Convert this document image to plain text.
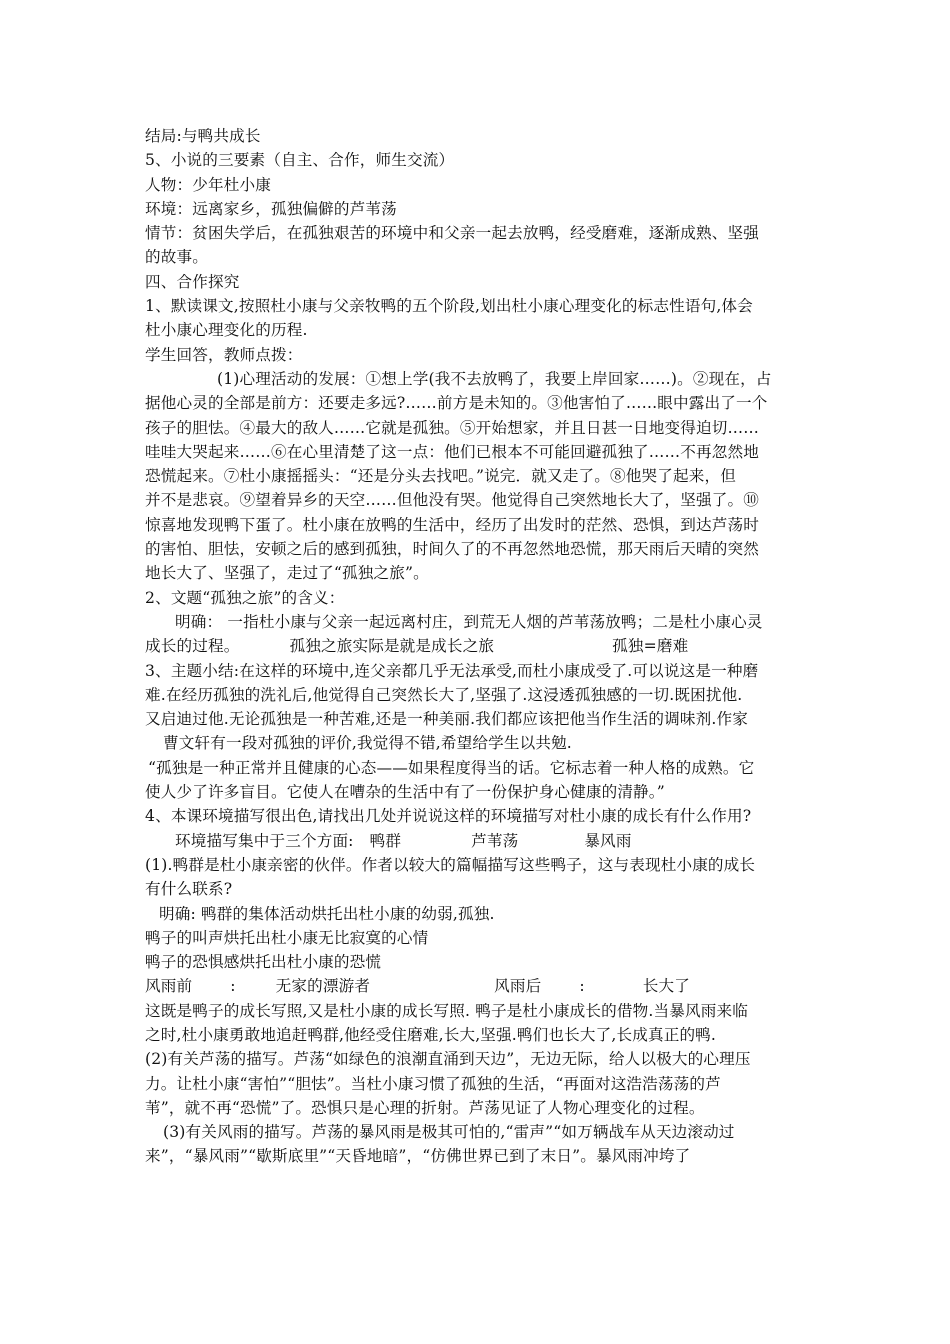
结局:与鸭共成长
5、小说的三要素（自主、合作，师生交流）
人物：少年杜小康
环境：远离家乡，孤独偏僻的芦苇荡
情节：贫困失学后，在孤独艰苦的环境中和父亲一起去放鸭，经受磨难，逐渐成熟、坚强
的故事。
四、合作探究
1、默读课文,按照杜小康与父亲牧鸭的五个阶段,划出杜小康心理变化的标志性语句,体会
杜小康心理变化的历程.
学生回答，教师点拨：
(1)心理活动的发展：①想上学(我不去放鸭了，我要上岸回家……)。②现在，占
据他心灵的全部是前方：还要走多远?……前方是未知的。③他害怕了……眼中露出了一个
孩子的胆怯。④最大的敌人……它就是孤独。⑤开始想家，并且日甚一日地变得迫切……
哇哇大哭起来……⑥在心里清楚了这一点：他们已根本不可能回避孤独了……不再忽然地
恐慌起来。⑦杜小康摇摇头：“还是分头去找吧。”说完．就又走了。⑧他哭了起来，但
并不是悲哀。⑨望着异乡的天空……但他没有哭。他觉得自己突然地长大了，坚强了。⑩
惊喜地发现鸭下蛋了。杜小康在放鸭的生活中，经历了出发时的茫然、恐惧，到达芦荡时
的害怕、胆怯，安顿之后的感到孤独，时间久了的不再忽然地恐慌，那天雨后天晴的突然
地长大了、坚强了，走过了“孤独之旅”。
2、文题“孤独之旅”的含义：
明确： 一指杜小康与父亲一起远离村庄，到荒无人烟的芦苇荡放鸭；二是杜小康心灵
成长的过程。	孤独之旅实际是就是成长之旅	孤独=磨难
3、主题小结:在这样的环境中,连父亲都几乎无法承受,而杜小康成受了.可以说这是一种磨
难.在经历孤独的洗礼后,他觉得自己突然长大了,坚强了.这浸透孤独感的一切.既困扰他.
又启迪过他.无论孤独是一种苦难,还是一种美丽.我们都应该把他当作生活的调味剂.作家
曹文轩有一段对孤独的评价,我觉得不错,希望给学生以共勉.
“孤独是一种正常并且健康的心态——如果程度得当的话。它标志着一种人格的成熟。它
使人少了许多盲目。它使人在嘈杂的生活中有了一份保护身心健康的清静。”
4、本课环境描写很出色,请找出几处并说说这样的环境描写对杜小康的成长有什么作用?
环境描写集中于三个方面: 鸭群	芦苇荡	暴风雨
(1).鸭群是杜小康亲密的伙伴。作者以较大的篇幅描写这些鸭子，这与表现杜小康的成长
有什么联系?
明确: 鸭群的集体活动烘托出杜小康的幼弱,孤独.
鸭子的叫声烘托出杜小康无比寂寞的心情
鸭子的恐惧感烘托出杜小康的恐慌
风雨前 :	无家的漂游者	风雨后 :	长大了
这既是鸭子的成长写照,又是杜小康的成长写照. 鸭子是杜小康成长的借物.当暴风雨来临
之时,杜小康勇敢地追赶鸭群,他经受住磨难,长大,坚强.鸭们也长大了,长成真正的鸭.
(2)有关芦荡的描写。芦荡“如绿色的浪潮直涌到天边”，无边无际，给人以极大的心理压
力。让杜小康“害怕”“胆怯”。当杜小康习惯了孤独的生活，“再面对这浩浩荡荡的芦
苇”，就不再“恐慌”了。恐惧只是心理的折射。芦荡见证了人物心理变化的过程。
(3)有关风雨的描写。芦荡的暴风雨是极其可怕的,“雷声”“如万辆战车从天边滚动过
来”，“暴风雨”“歇斯底里”“天昏地暗”，“仿佛世界已到了末日”。暴风雨冲垮了
